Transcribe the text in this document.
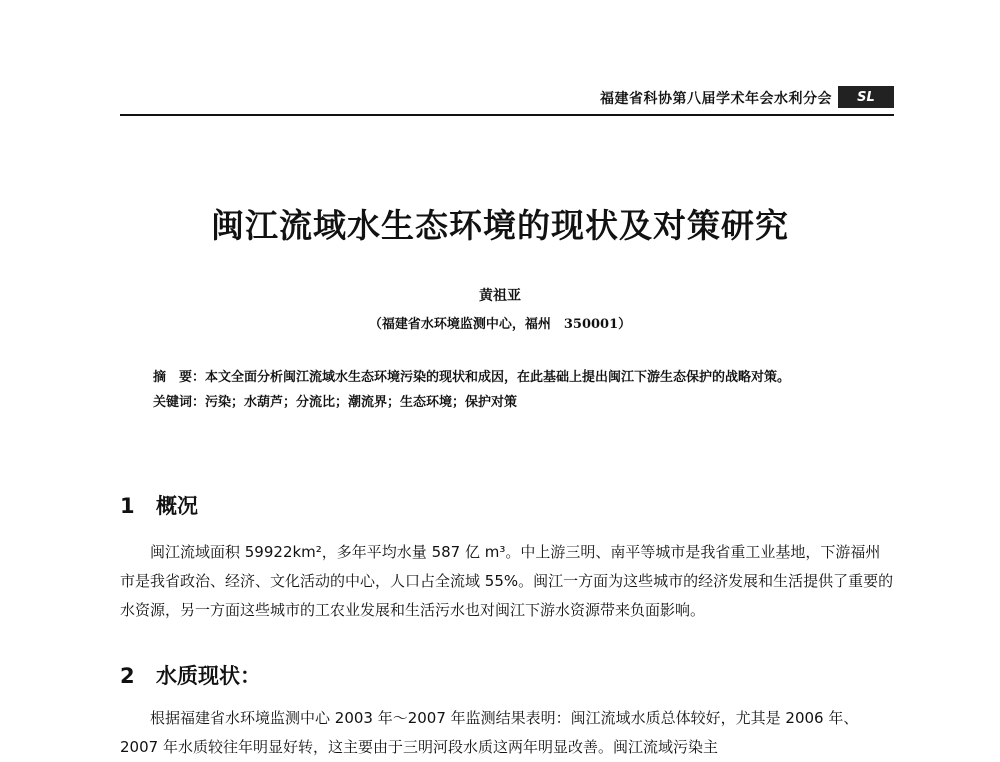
福建省科协第八届学术年会水利分会	SL
闽江流域水生态环境的现状及对策研究
黄祖亚
（福建省水环境监测中心，福州　350001）

摘　要：本文全面分析闽江流域水生态环境污染的现状和成因，在此基础上提出闽江下游生态保护的战略对策。

关键词：污染；水葫芦；分流比；潮流界；生态环境；保护对策

1 概况

闽江流域面积 59922km²，多年平均水量 587 亿 m³。中上游三明、南平等城市是我省重工业基地，下游福州市是我省政治、经济、文化活动的中心，人口占全流域 55%。闽江一方面为这些城市的经济发展和生活提供了重要的水资源，另一方面这些城市的工农业发展和生活污水也对闽江下游水资源带来负面影响。

2 水质现状：

根据福建省水环境监测中心 2003 年～2007 年监测结果表明：闽江流域水质总体较好，尤其是 2006 年、2007 年水质较往年明显好转，这主要由于三明河段水质这两年明显改善。闽江流域污染主
